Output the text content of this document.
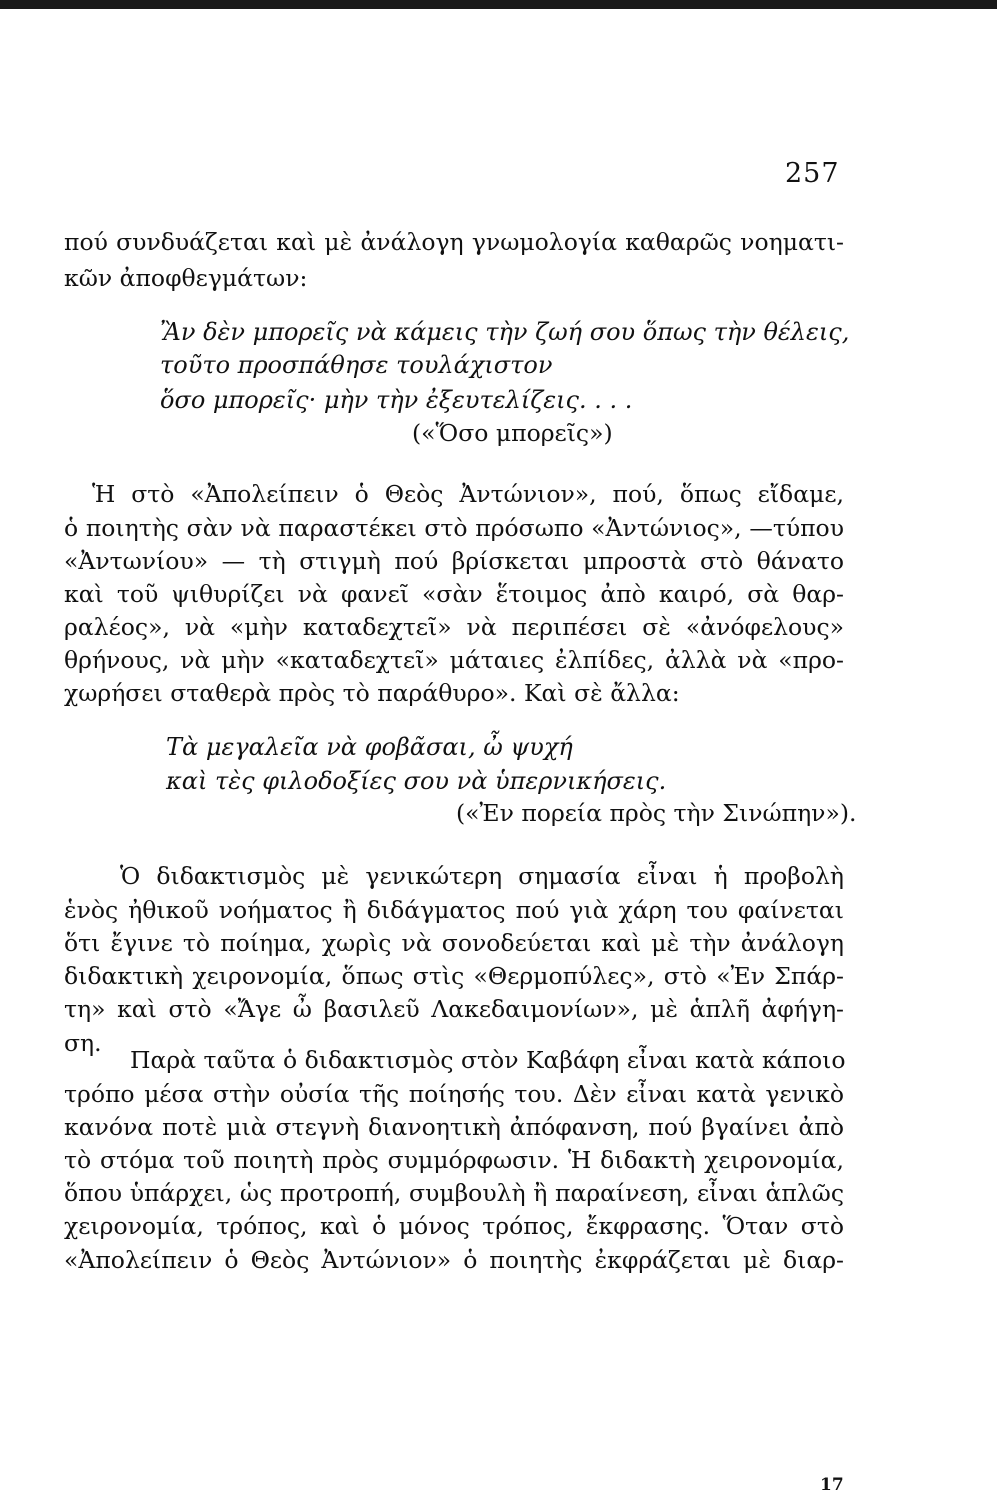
257
πού συνδυάζεται καὶ μὲ ἀνάλογη γνωμολογία καθαρῶς νοηματι-
κῶν ἀποφθεγμάτων:
Ἂν δὲν μπορεῖς νὰ κάμεις τὴν ζωή σου ὅπως τὴν θέλεις,
τοῦτο προσπάθησε τουλάχιστον
ὅσο μπορεῖς· μὴν τὴν ἐξευτελίζεις. . . .
(«Ὅσο μπορεῖς»)
Ἡ στὸ «Ἀπολείπειν ὁ Θεὸς Ἀντώνιον», πού, ὅπως εἴδαμε,
ὁ ποιητὴς σὰν νὰ παραστέκει στὸ πρόσωπο «Ἀντώνιος», —τύπου
«Ἀντωνίου» — τὴ στιγμὴ πού βρίσκεται μπροστὰ στὸ θάνατο
καὶ τοῦ ψιθυρίζει νὰ φανεῖ «σὰν ἕτοιμος ἀπὸ καιρό, σὰ θαρ-
ραλέος», νὰ «μὴν καταδεχτεῖ» νὰ περιπέσει σὲ «ἀνόφελους»
θρήνους, νὰ μὴν «καταδεχτεῖ» μάταιες ἐλπίδες, ἀλλὰ νὰ «προ-
χωρήσει σταθερὰ πρὸς τὸ παράθυρο». Καὶ σὲ ἄλλα:
Τὰ μεγαλεῖα νὰ φοβᾶσαι, ὦ ψυχή
καὶ τὲς φιλοδοξίες σου νὰ ὑπερνικήσεις.
(«Ἐν πορεία πρὸς τὴν Σινώπην»).
Ὁ διδακτισμὸς μὲ γενικώτερη σημασία εἶναι ἡ προβολὴ
ἑνὸς ἠθικοῦ νοήματος ἢ διδάγματος πού γιὰ χάρη του φαίνεται
ὅτι ἔγινε τὸ ποίημα, χωρὶς νὰ σονοδεύεται καὶ μὲ τὴν ἀνάλογη
διδακτικὴ χειρονομία, ὅπως στὶς «Θερμοπύλες», στὸ «Ἐν Σπάρ-
τη» καὶ στὸ «Ἄγε ὦ βασιλεῦ Λακεδαιμονίων», μὲ ἁπλῆ ἀφήγη-
ση.
Παρὰ ταῦτα ὁ διδακτισμὸς στὸν Καβάφη εἶναι κατὰ κάποιο
τρόπο μέσα στὴν οὐσία τῆς ποίησής του. Δὲν εἶναι κατὰ γενικὸ
κανόνα ποτὲ μιὰ στεγνὴ διανοητικὴ ἀπόφανση, πού βγαίνει ἀπὸ
τὸ στόμα τοῦ ποιητὴ πρὸς συμμόρφωσιν. Ἡ διδακτὴ χειρονομία,
ὅπου ὑπάρχει, ὡς προτροπή, συμβουλὴ ἢ παραίνεση, εἶναι ἁπλῶς
χειρονομία, τρόπος, καὶ ὁ μόνος τρόπος, ἔκφρασης. Ὅταν στὸ
«Ἀπολείπειν ὁ Θεὸς Ἀντώνιον» ὁ ποιητὴς ἐκφράζεται μὲ διαρ-
17
